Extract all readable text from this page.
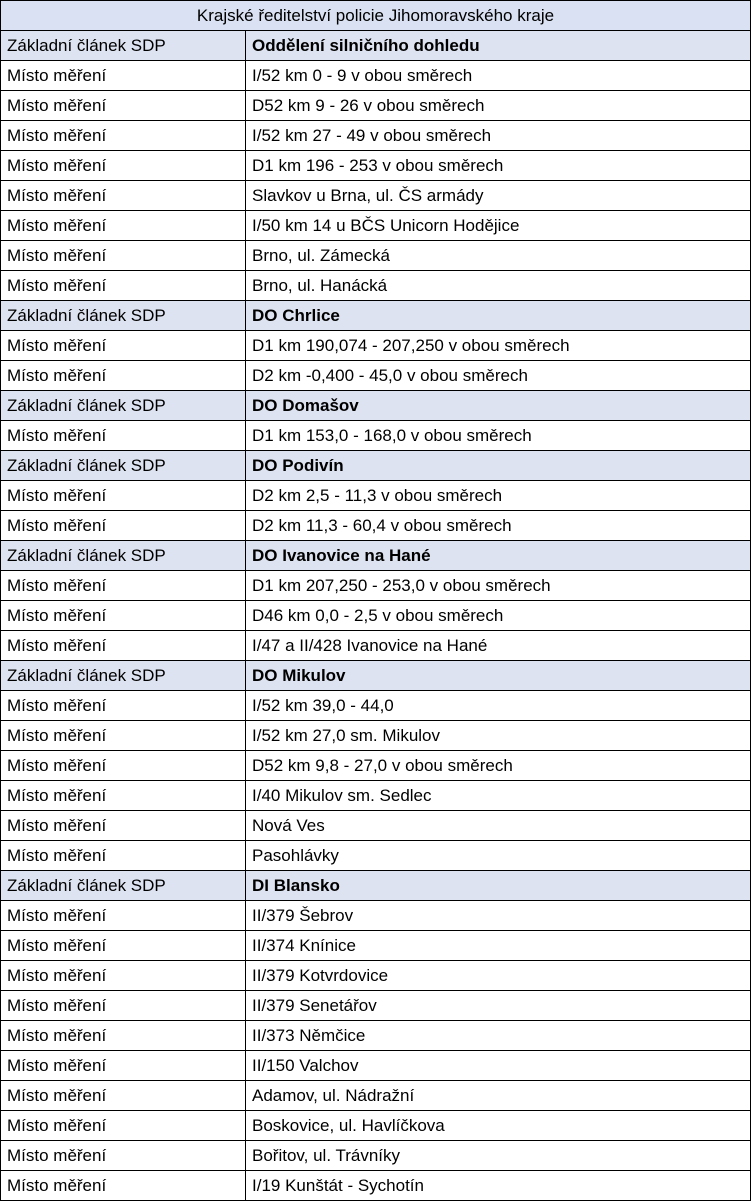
Krajské ředitelství policie Jihomoravského kraje	
Základní článek SDP	Oddělení silničního dohledu
Místo měření	I/52 km 0 - 9 v obou směrech
Místo měření	D52 km 9 - 26 v obou směrech
Místo měření	I/52 km 27 - 49 v obou směrech
Místo měření	D1 km 196 - 253 v obou směrech
Místo měření	Slavkov u Brna, ul. ČS armády
Místo měření	I/50 km 14 u BČS Unicorn Hodějice
Místo měření	Brno, ul. Zámecká
Místo měření	Brno, ul. Hanácká
Základní článek SDP	DO Chrlice
Místo měření	D1 km 190,074 - 207,250 v obou směrech
Místo měření	D2 km -0,400 - 45,0 v obou směrech
Základní článek SDP	DO Domašov
Místo měření	D1 km 153,0 - 168,0 v obou směrech
Základní článek SDP	DO Podivín
Místo měření	D2 km 2,5 - 11,3 v obou směrech
Místo měření	D2 km 11,3 - 60,4 v obou směrech
Základní článek SDP	DO Ivanovice na Hané
Místo měření	D1 km 207,250 - 253,0 v obou směrech
Místo měření	D46 km 0,0 - 2,5 v obou směrech
Místo měření	I/47 a II/428 Ivanovice na Hané
Základní článek SDP	DO Mikulov
Místo měření	I/52 km 39,0 - 44,0
Místo měření	I/52 km 27,0 sm. Mikulov
Místo měření	D52 km 9,8 - 27,0 v obou směrech
Místo měření	I/40 Mikulov sm. Sedlec
Místo měření	Nová Ves
Místo měření	Pasohlávky
Základní článek SDP	DI Blansko
Místo měření	II/379 Šebrov
Místo měření	II/374 Knínice
Místo měření	II/379 Kotvrdovice
Místo měření	II/379 Senetářov
Místo měření	II/373 Němčice
Místo měření	II/150 Valchov
Místo měření	Adamov, ul. Nádražní
Místo měření	Boskovice, ul. Havlíčkova
Místo měření	Bořitov, ul. Trávníky
Místo měření	I/19 Kunštát - Sychotín
